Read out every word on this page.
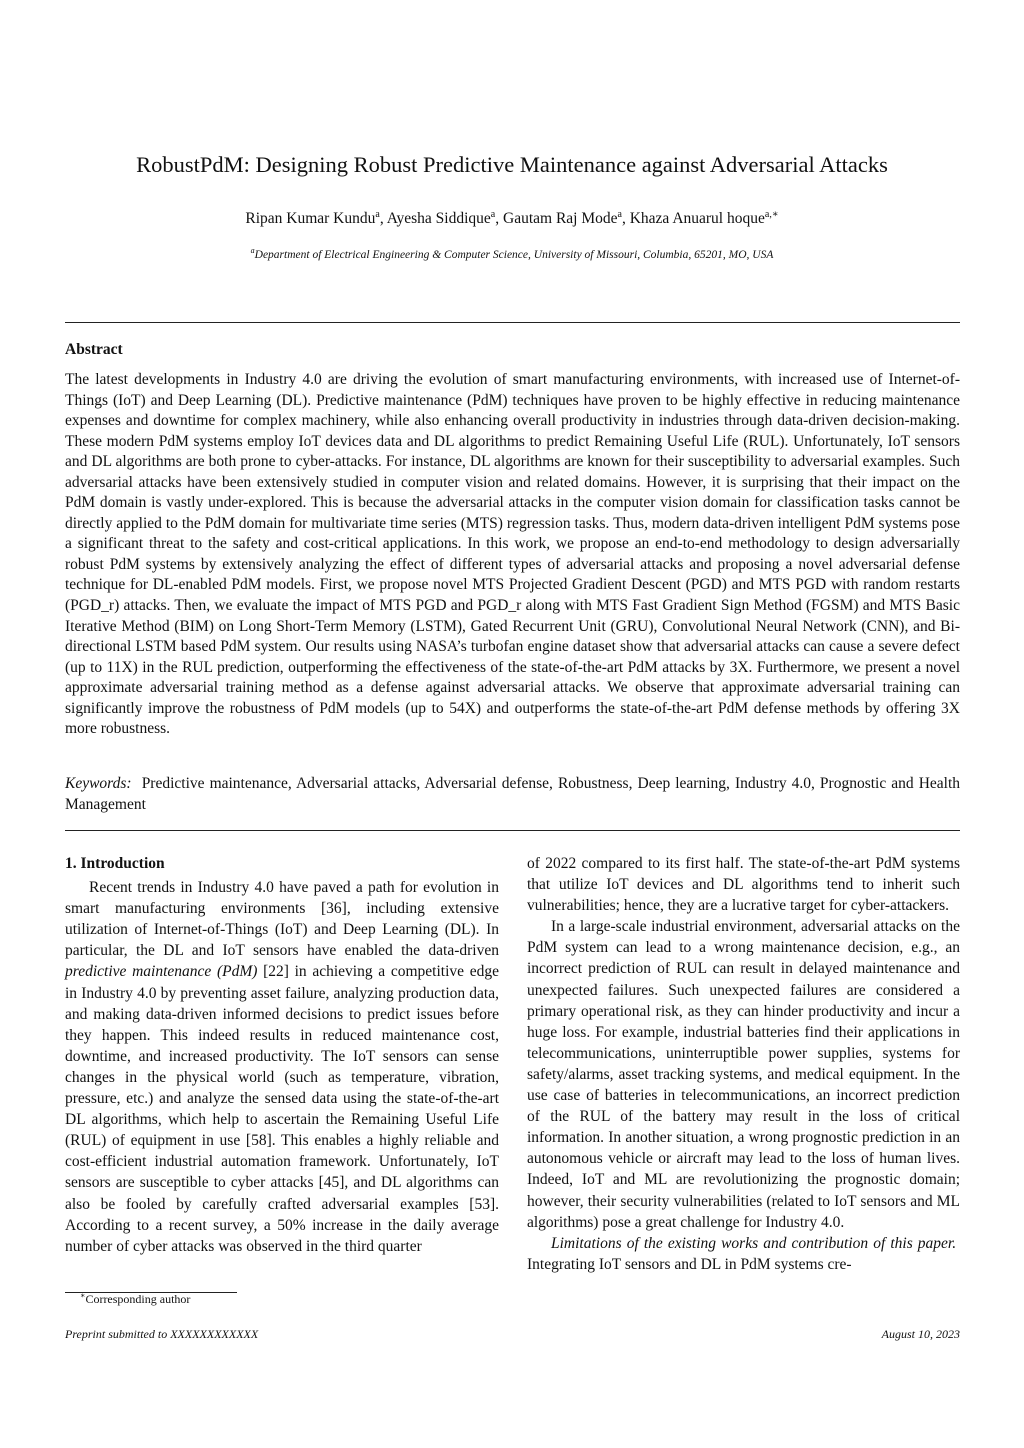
RobustPdM: Designing Robust Predictive Maintenance against Adversarial Attacks
Ripan Kumar Kundu$^a$, Ayesha Siddique$^a$, Gautam Raj Mode$^a$, Khaza Anuarul hoque$^{a,∗}$
$^a$Department of Electrical Engineering & Computer Science, University of Missouri, Columbia, 65201, MO, USA
Abstract
The latest developments in Industry 4.0 are driving the evolution of smart manufacturing environments, with increased use of Internet-of-Things (IoT) and Deep Learning (DL). Predictive maintenance (PdM) techniques have proven to be highly effective in reducing maintenance expenses and downtime for complex machinery, while also enhancing overall productivity in industries through data-driven decision-making. These modern PdM systems employ IoT devices data and DL algorithms to predict Remaining Useful Life (RUL). Unfortunately, IoT sensors and DL algorithms are both prone to cyber-attacks. For instance, DL algorithms are known for their susceptibility to adversarial examples. Such adversarial attacks have been extensively studied in computer vision and related domains. However, it is surprising that their impact on the PdM domain is vastly under-explored. This is because the adversarial attacks in the computer vision domain for classification tasks cannot be directly applied to the PdM domain for multivariate time series (MTS) regression tasks. Thus, modern data-driven intelligent PdM systems pose a significant threat to the safety and cost-critical applications. In this work, we propose an end-to-end methodology to design adversarially robust PdM systems by extensively analyzing the effect of different types of adversarial attacks and proposing a novel adversarial defense technique for DL-enabled PdM models. First, we propose novel MTS Projected Gradient Descent (PGD) and MTS PGD with random restarts (PGD_r) attacks. Then, we evaluate the impact of MTS PGD and PGD_r along with MTS Fast Gradient Sign Method (FGSM) and MTS Basic Iterative Method (BIM) on Long Short-Term Memory (LSTM), Gated Recurrent Unit (GRU), Convolutional Neural Network (CNN), and Bi-directional LSTM based PdM system. Our results using NASA’s turbofan engine dataset show that adversarial attacks can cause a severe defect (up to 11X) in the RUL prediction, outperforming the effectiveness of the state-of-the-art PdM attacks by 3X. Furthermore, we present a novel approximate adversarial training method as a defense against adversarial attacks. We observe that approximate adversarial training can significantly improve the robustness of PdM models (up to 54X) and outperforms the state-of-the-art PdM defense methods by offering 3X more robustness.
Keywords: Predictive maintenance, Adversarial attacks, Adversarial defense, Robustness, Deep learning, Industry 4.0, Prognostic and Health Management
1. Introduction

Recent trends in Industry 4.0 have paved a path for evolution in smart manufacturing environments [36], including extensive utilization of Internet-of-Things (IoT) and Deep Learning (DL). In particular, the DL and IoT sensors have enabled the data-driven predictive maintenance (PdM) [22] in achieving a competitive edge in Industry 4.0 by preventing asset failure, analyzing production data, and making data-driven informed decisions to predict issues before they happen. This indeed results in reduced maintenance cost, downtime, and increased productivity. The IoT sensors can sense changes in the physical world (such as temperature, vibration, pressure, etc.) and analyze the sensed data using the state-of-the-art DL algorithms, which help to ascertain the Remaining Useful Life (RUL) of equipment in use [58]. This enables a highly reliable and cost-efficient industrial automation framework. Unfortunately, IoT sensors are susceptible to cyber attacks [45], and DL algorithms can also be fooled by carefully crafted adversarial examples [53]. According to a recent survey, a 50% increase in the daily average number of cyber attacks was observed in the third quarter

of 2022 compared to its first half. The state-of-the-art PdM systems that utilize IoT devices and DL algorithms tend to inherit such vulnerabilities; hence, they are a lucrative target for cyber-attackers.

In a large-scale industrial environment, adversarial attacks on the PdM system can lead to a wrong maintenance decision, e.g., an incorrect prediction of RUL can result in delayed maintenance and unexpected failures. Such unexpected failures are considered a primary operational risk, as they can hinder productivity and incur a huge loss. For example, industrial batteries find their applications in telecommunications, uninterruptible power supplies, systems for safety/alarms, asset tracking systems, and medical equipment. In the use case of batteries in telecommunications, an incorrect prediction of the RUL of the battery may result in the loss of critical information. In another situation, a wrong prognostic prediction in an autonomous vehicle or aircraft may lead to the loss of human lives. Indeed, IoT and ML are revolutionizing the prognostic domain; however, their security vulnerabilities (related to IoT sensors and ML algorithms) pose a great challenge for Industry 4.0.

Limitations of the existing works and contribution of this paper.  Integrating IoT sensors and DL in PdM systems cre-

∗Corresponding author
Preprint submitted to XXXXXXXXXXXX	August 10, 2023
